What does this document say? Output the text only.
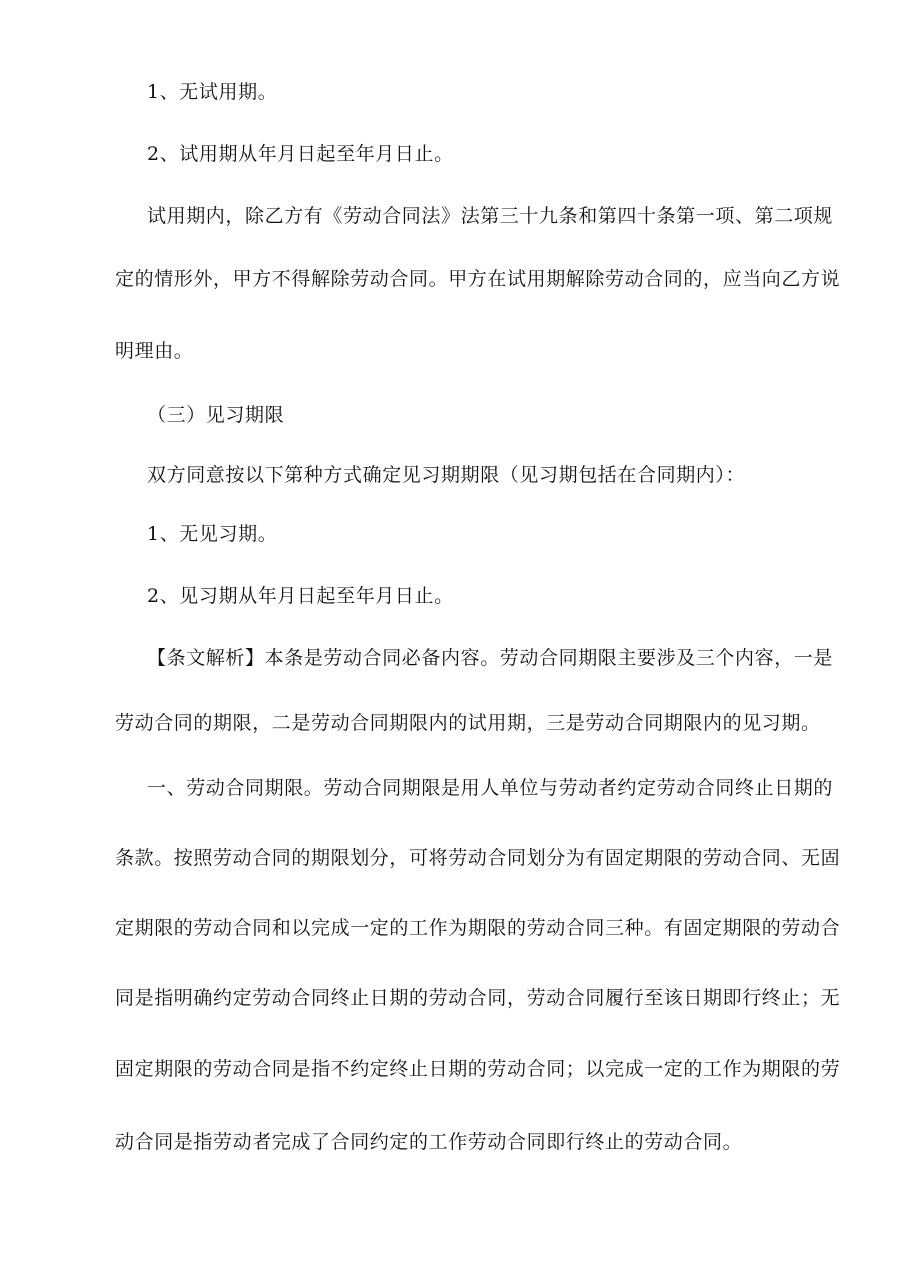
1、无试用期。
2、试用期从年月日起至年月日止。
试用期内，除乙方有《劳动合同法》法第三十九条和第四十条第一项、第二项规
定的情形外，甲方不得解除劳动合同。甲方在试用期解除劳动合同的，应当向乙方说
明理由。
（三）见习期限
双方同意按以下第种方式确定见习期期限（见习期包括在合同期内）：
1、无见习期。
2、见习期从年月日起至年月日止。
【条文解析】本条是劳动合同必备内容。劳动合同期限主要涉及三个内容，一是
劳动合同的期限，二是劳动合同期限内的试用期，三是劳动合同期限内的见习期。
一、劳动合同期限。劳动合同期限是用人单位与劳动者约定劳动合同终止日期的
条款。按照劳动合同的期限划分，可将劳动合同划分为有固定期限的劳动合同、无固
定期限的劳动合同和以完成一定的工作为期限的劳动合同三种。有固定期限的劳动合
同是指明确约定劳动合同终止日期的劳动合同，劳动合同履行至该日期即行终止；无
固定期限的劳动合同是指不约定终止日期的劳动合同；以完成一定的工作为期限的劳
动合同是指劳动者完成了合同约定的工作劳动合同即行终止的劳动合同。
